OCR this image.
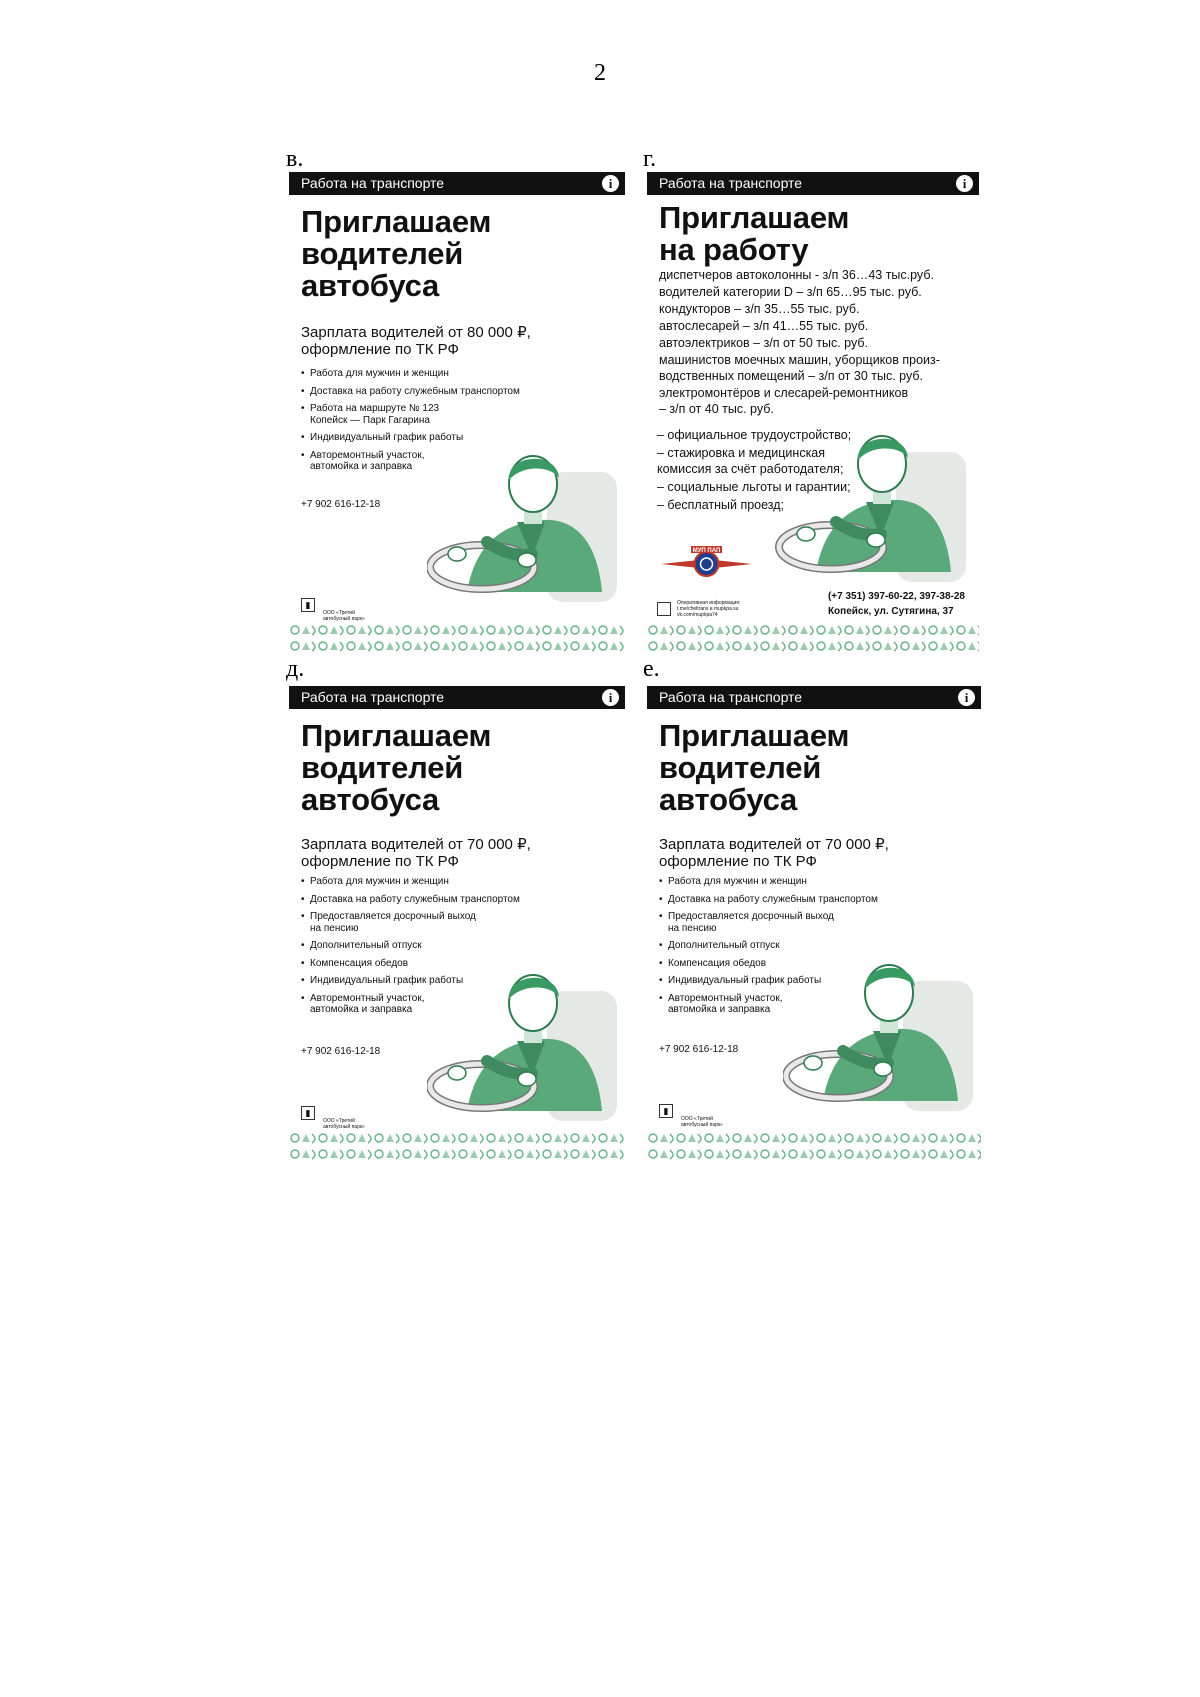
2
в.	г.
д.	е.
Работа на транспорте	i
Приглашаем
водителей
автобуса
Зарплата водителей от 80 000 ₽,
оформление по ТК РФ
• Работа для мужчин и женщин
• Доставка на работу служебным транспортом
• Работа на маршруте № 123
Копейск — Парк Гагарина
• Индивидуальный график работы
• Авторемонтный участок,
автомойка и заправка
+7 902 616-12-18

▮

ООО «Третий
автобусный парк»

Работа на транспорте	i
Приглашаем
на работу
диспетчеров автоколонны - з/п 36…43 тыс.руб.
водителей категории D – з/п 65…95 тыс. руб.
кондукторов – з/п 35…55 тыс. руб.
автослесарей – з/п 41…55 тыс. руб.
автоэлектриков – з/п от 50 тыс. руб.
машинистов моечных машин, уборщиков произ-
водственных помещений – з/п от 30 тыс. руб.
электромонтёров и слесарей-ремонтников
– з/п от 40 тыс. руб.
– официальное трудоустройство;
– стажировка и медицинская
комиссия за счёт работодателя;
– социальные льготы и гарантии;
– бесплатный проезд;
МУП ПАП
Оперативная информация:
t.me/cheltrans и mupkpa.su
vk.com/mupkpa74
(+7 351) 397-60-22, 397-38-28
Копейск, ул. Сутягина, 37
Работа на транспорте	i
Приглашаем
водителей
автобуса
Зарплата водителей от 70 000 ₽,
оформление по ТК РФ
• Работа для мужчин и женщин
• Доставка на работу служебным транспортом
• Предоставляется досрочный выход
на пенсию
• Дополнительный отпуск
• Компенсация обедов
• Индивидуальный график работы
• Авторемонтный участок,
автомойка и заправка
+7 902 616-12-18

▮

ООО «Третий
автобусный парк»

Работа на транспорте	i
Приглашаем
водителей
автобуса
Зарплата водителей от 70 000 ₽,
оформление по ТК РФ
• Работа для мужчин и женщин
• Доставка на работу служебным транспортом
• Предоставляется досрочный выход
на пенсию
• Дополнительный отпуск
• Компенсация обедов
• Индивидуальный график работы
• Авторемонтный участок,
автомойка и заправка
+7 902 616-12-18

▮

ООО «Третий
автобусный парк»
